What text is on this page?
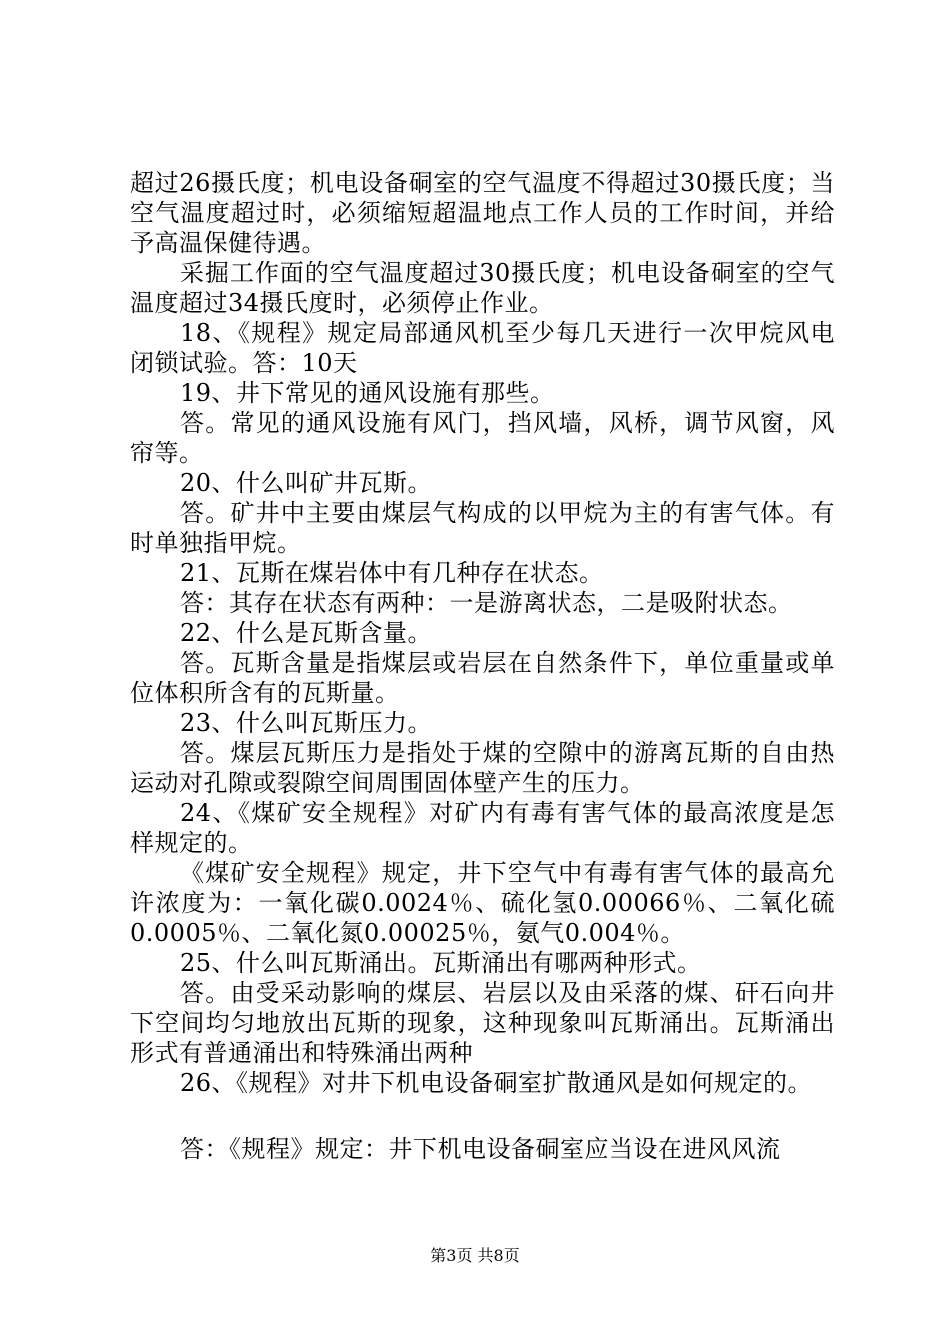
超过26摄氏度；机电设备硐室的空气温度不得超过30摄氏度；当空气温度超过时，必须缩短超温地点工作人员的工作时间，并给予高温保健待遇。

采掘工作面的空气温度超过30摄氏度；机电设备硐室的空气温度超过34摄氏度时，必须停止作业。

18、《规程》规定局部通风机至少每几天进行一次甲烷风电闭锁试验。答：10天

19、井下常见的通风设施有那些。

答。常见的通风设施有风门，挡风墙，风桥，调节风窗，风帘等。

20、什么叫矿井瓦斯。

答。矿井中主要由煤层气构成的以甲烷为主的有害气体。有时单独指甲烷。

21、瓦斯在煤岩体中有几种存在状态。

答：其存在状态有两种：一是游离状态，二是吸附状态。

22、什么是瓦斯含量。

答。瓦斯含量是指煤层或岩层在自然条件下，单位重量或单位体积所含有的瓦斯量。

23、什么叫瓦斯压力。

答。煤层瓦斯压力是指处于煤的空隙中的游离瓦斯的自由热运动对孔隙或裂隙空间周围固体壁产生的压力。

24、《煤矿安全规程》对矿内有毒有害气体的最高浓度是怎样规定的。

《煤矿安全规程》规定，井下空气中有毒有害气体的最高允许浓度为：一氧化碳0.0024％、硫化氢0.00066％、二氧化硫0.0005％、二氧化氮0.00025％，氨气0.004％。

25、什么叫瓦斯涌出。瓦斯涌出有哪两种形式。

答。由受采动影响的煤层、岩层以及由采落的煤、矸石向井下空间均匀地放出瓦斯的现象，这种现象叫瓦斯涌出。瓦斯涌出形式有普通涌出和特殊涌出两种

26、《规程》对井下机电设备硐室扩散通风是如何规定的。

答：《规程》规定：井下机电设备硐室应当设在进风风流

第3页 共8页
